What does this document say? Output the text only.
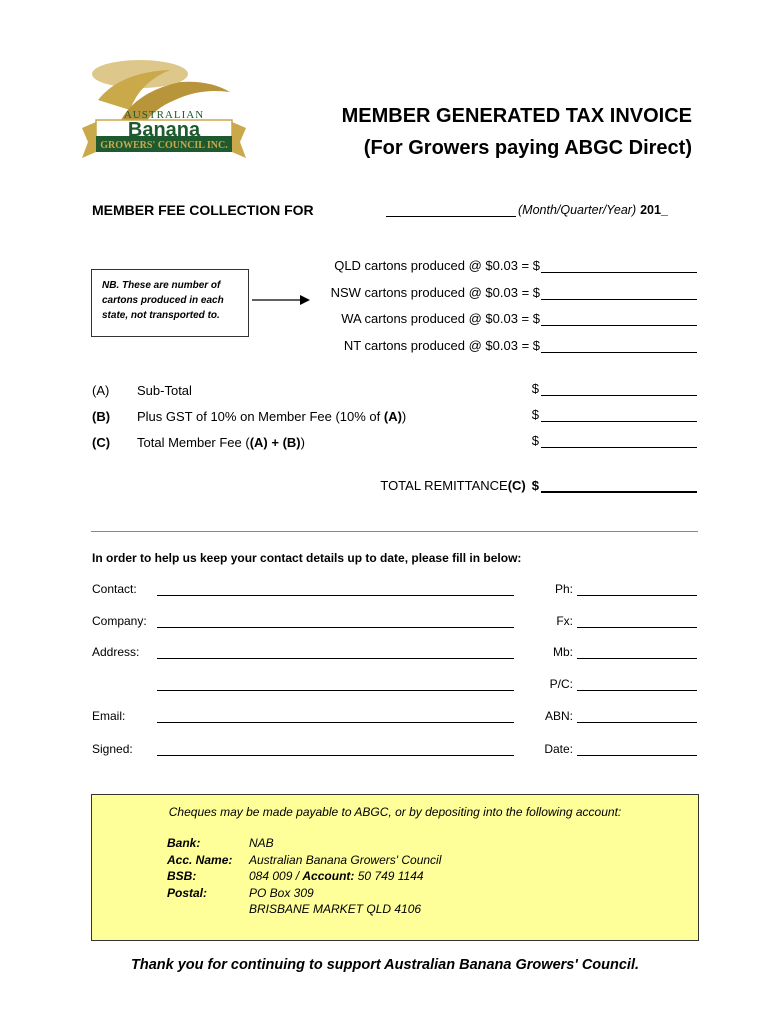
AUSTRALIAN
Banana
GROWERS' COUNCIL INC.
MEMBER GENERATED TAX INVOICE
(For Growers paying ABGC Direct)
MEMBER FEE COLLECTION FOR	(Month/Quarter/Year) 201_
QLD cartons produced @ $0.03 = $
NSW cartons produced @ $0.03 = $
WA cartons produced @ $0.03 = $
NT cartons produced @ $0.03 = $
NB. These are number of cartons produced in each state, not transported to.
(A) Sub-Total	$
(B) Plus GST of 10% on Member Fee (10% of (A))	$
(C) Total Member Fee ((A) + (B))	$
TOTAL REMITTANCE (C) $
In order to help us keep your contact details up to date, please fill in below:
Contact:	Ph:
Company:	Fx:
Address:	Mb:
P/C:
Email:	ABN:
Signed:	Date:
Cheques may be made payable to ABGC, or by depositing into the following account:
Bank:	NAB
Acc. Name: Australian Banana Growers' Council
BSB:	084 009 / Account: 50 749 1144
Postal:	PO Box 309
BRISBANE MARKET QLD 4106
Thank you for continuing to support Australian Banana Growers' Council.
